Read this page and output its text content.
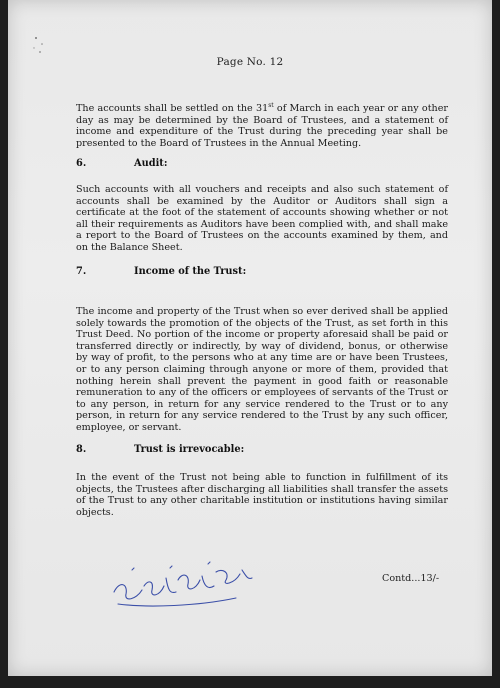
Page No. 12

The accounts shall be settled on the 31st of March in each year or any other day as may be determined by the Board of Trustees, and a statement of income and expenditure of the Trust during the preceding year shall be presented to the Board of Trustees in the Annual Meeting.

6.	Audit:

Such accounts with all vouchers and receipts and also such statement of accounts shall be examined by the Auditor or Auditors shall sign a certificate at the foot of the statement of accounts showing whether or not all their requirements as Auditors have been complied with, and shall make a report to the Board of Trustees on the accounts examined by them, and on the Balance Sheet.

7.	Income of the Trust:

The income and property of the Trust when so ever derived shall be applied solely towards the promotion of the objects of the Trust, as set forth in this Trust Deed. No portion of the income or property aforesaid shall be paid or transferred directly or indirectly, by way of dividend, bonus, or otherwise by way of profit, to the persons who at any time are or have been Trustees, or to any person claiming through anyone or more of them, provided that nothing herein shall prevent the payment in good faith or reasonable remuneration to any of the officers or employees of servants of the Trust or to any person, in return for any service rendered to the Trust or to any person, in return for any service rendered to the Trust by any such officer, employee, or servant.

8.	Trust is irrevocable:

In the event of the Trust not being able to function in fulfillment of its objects, the Trustees after discharging all liabilities shall transfer the assets of the Trust to any other charitable institution or institutions having similar objects.

Contd...13/-
